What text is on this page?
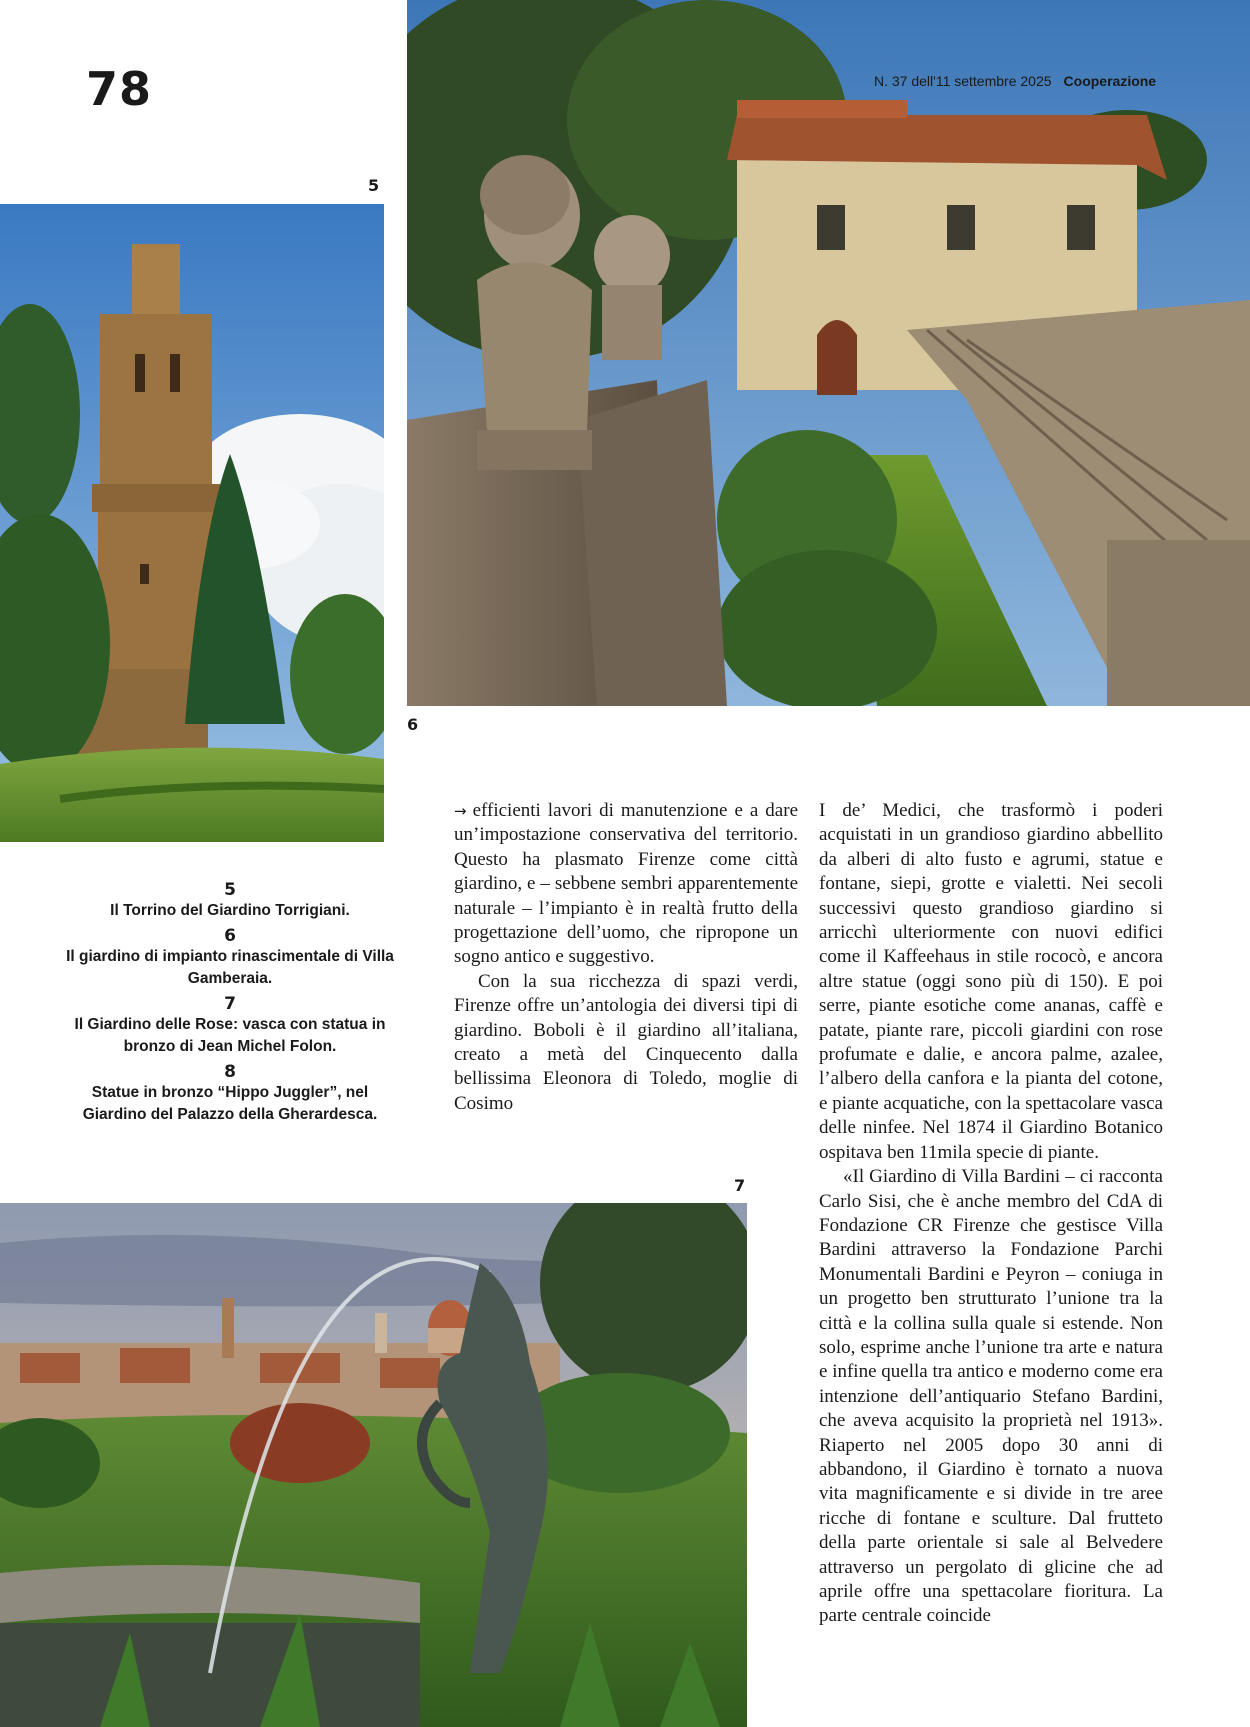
78	N. 37 dell'11 settembre 2025 Cooperazione
5
6
5
Il Torrino del Giardino Torrigiani.
6
Il giardino di impianto rinascimentale di Villa Gamberaia.
7
Il Giardino delle Rose: vasca con statua in bronzo di Jean Michel Folon.
8
Statue in bronzo “Hippo Juggler”, nel Giardino del Palazzo della Gherardesca.

→ efficienti lavori di manutenzione e a dare un’impostazione conservativa del territorio. Questo ha plasmato Firenze come città giardino, e – sebbene sembri apparentemente naturale – l’impianto è in realtà frutto della progettazione dell’uomo, che ripropone un sogno antico e suggestivo.

Con la sua ricchezza di spazi verdi, Firenze offre un’antologia dei diversi tipi di giardino. Boboli è il giardino all’italiana, creato a metà del Cinquecento dalla bellissima Eleonora di Toledo, moglie di Cosimo

I de’ Medici, che trasformò i poderi acquistati in un grandioso giardino abbellito da alberi di alto fusto e agrumi, statue e fontane, siepi, grotte e vialetti. Nei secoli successivi questo grandioso giardino si arricchì ulteriormente con nuovi edifici come il Kaffeehaus in stile rococò, e ancora altre statue (oggi sono più di 150). E poi serre, piante esotiche come ananas, caffè e patate, piante rare, piccoli giardini con rose profumate e dalie, e ancora palme, azalee, l’albero della canfora e la pianta del cotone, e piante acquatiche, con la spettacolare vasca delle ninfee. Nel 1874 il Giardino Botanico ospitava ben 11mila specie di piante.

«Il Giardino di Villa Bardini – ci racconta Carlo Sisi, che è anche membro del CdA di Fondazione CR Firenze che gestisce Villa Bardini attraverso la Fondazione Parchi Monumentali Bardini e Peyron – coniuga in un progetto ben strutturato l’unione tra la città e la collina sulla quale si estende. Non solo, esprime anche l’unione tra arte e natura e infine quella tra antico e moderno come era intenzione dell’antiquario Stefano Bardini, che aveva acquisito la proprietà nel 1913». Riaperto nel 2005 dopo 30 anni di abbandono, il Giardino è tornato a nuova vita magnificamente e si divide in tre aree ricche di fontane e sculture. Dal frutteto della parte orientale si sale al Belvedere attraverso un pergolato di glicine che ad aprile offre una spettacolare fioritura. La parte centrale coincide

7
